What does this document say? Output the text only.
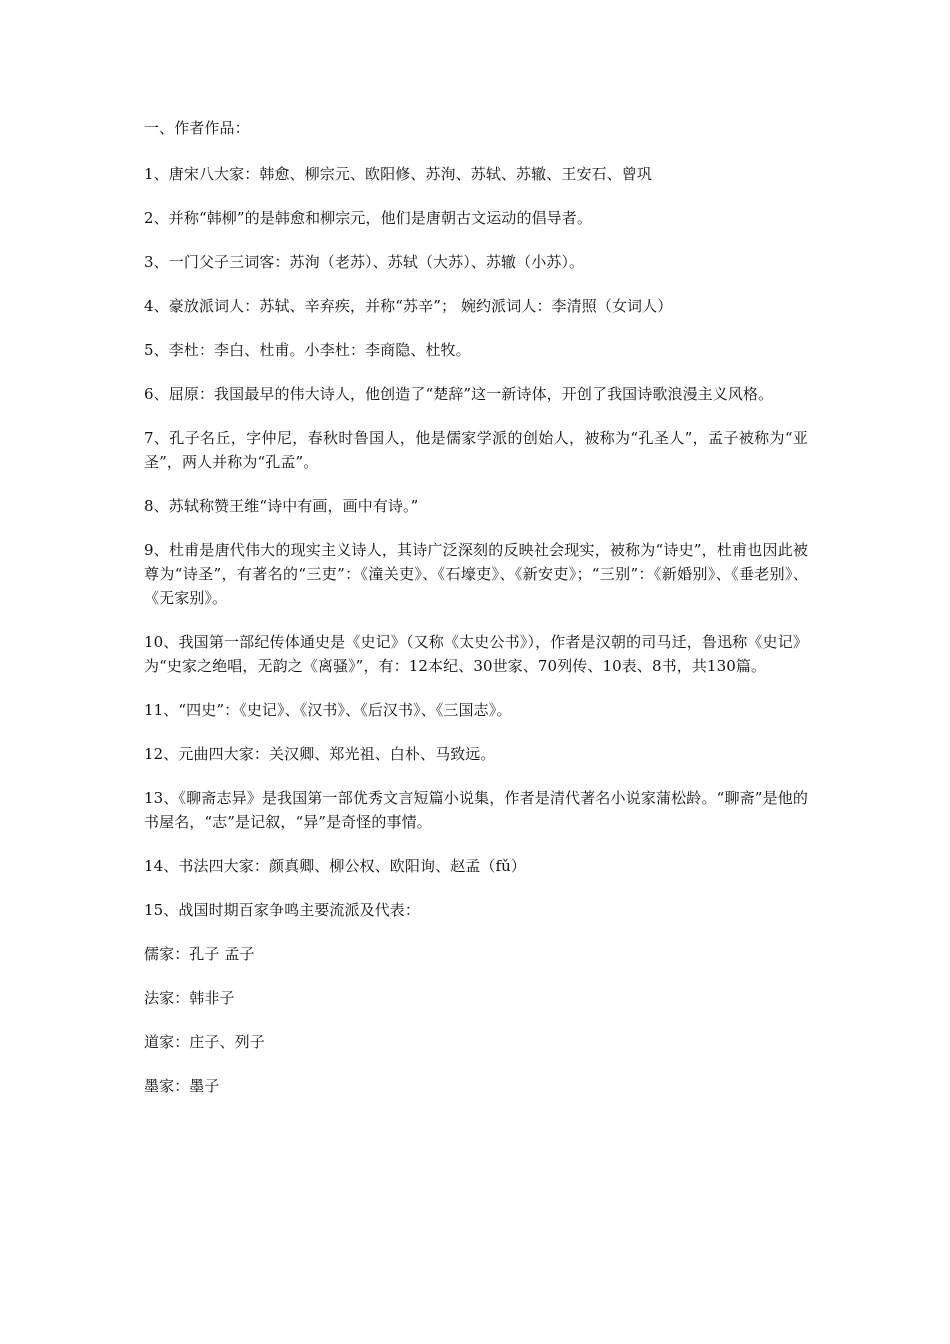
一、作者作品：

1、唐宋八大家：韩愈、柳宗元、欧阳修、苏洵、苏轼、苏辙、王安石、曾巩

2、并称“韩柳”的是韩愈和柳宗元，他们是唐朝古文运动的倡导者。

3、一门父子三词客：苏洵（老苏）、苏轼（大苏）、苏辙（小苏）。

4、豪放派词人：苏轼、辛弃疾，并称“苏辛”； 婉约派词人：李清照（女词人）

5、李杜：李白、杜甫。小李杜：李商隐、杜牧。

6、屈原：我国最早的伟大诗人，他创造了“楚辞”这一新诗体，开创了我国诗歌浪漫主义风格。

7、孔子名丘，字仲尼，春秋时鲁国人，他是儒家学派的创始人，被称为“孔圣人”，孟子被称为“亚圣”，两人并称为“孔孟”。

8、苏轼称赞王维“诗中有画，画中有诗。”

9、杜甫是唐代伟大的现实主义诗人，其诗广泛深刻的反映社会现实，被称为“诗史”，杜甫也因此被尊为“诗圣”，有著名的“三吏”：《潼关吏》、《石壕吏》、《新安吏》；“三别”：《新婚别》、《垂老别》、《无家别》。

10、我国第一部纪传体通史是《史记》（又称《太史公书》），作者是汉朝的司马迁，鲁迅称《史记》为“史家之绝唱，无韵之《离骚》”，有：12本纪、30世家、70列传、10表、8书，共130篇。

11、“四史”：《史记》、《汉书》、《后汉书》、《三国志》。

12、元曲四大家：关汉卿、郑光祖、白朴、马致远。

13、《聊斋志异》是我国第一部优秀文言短篇小说集，作者是清代著名小说家蒲松龄。“聊斋”是他的书屋名，“志”是记叙，“异”是奇怪的事情。

14、书法四大家：颜真卿、柳公权、欧阳询、赵孟（fǔ）

15、战国时期百家争鸣主要流派及代表：

儒家：孔子 孟子

法家：韩非子

道家：庄子、列子

墨家：墨子
